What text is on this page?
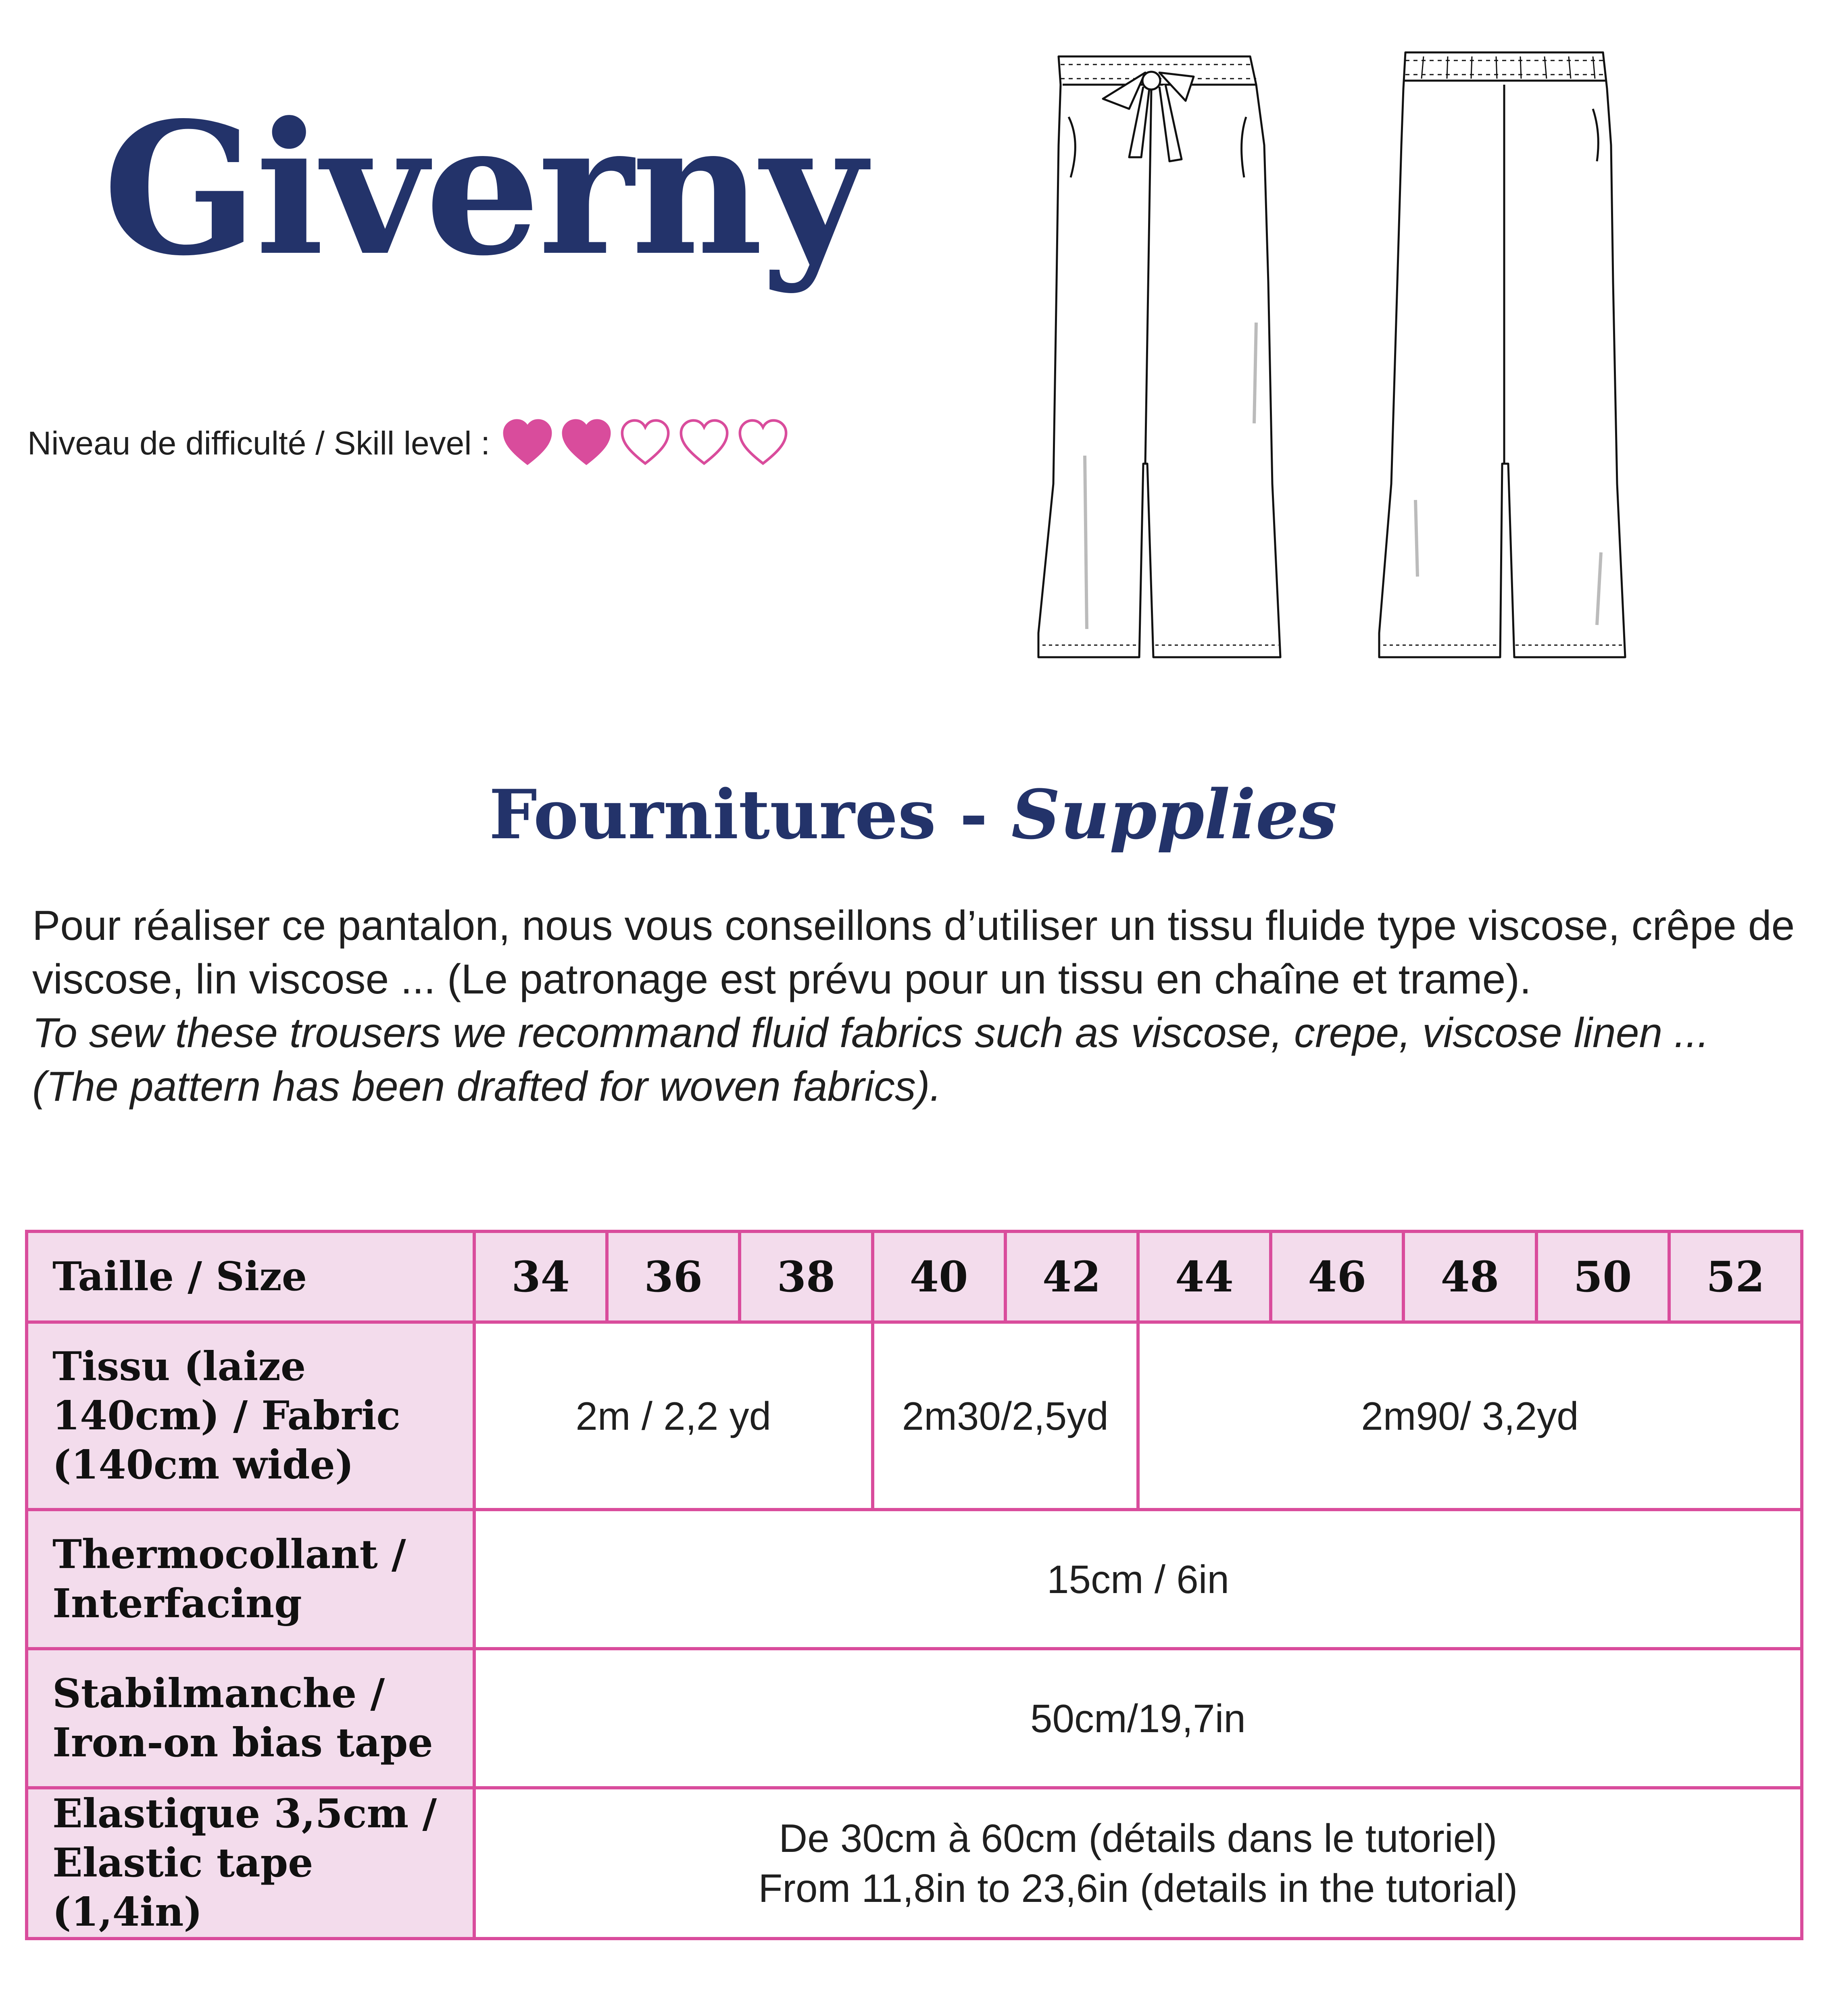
Giverny
Niveau de difficulté / Skill level :
Fournitures - Supplies

Pour réaliser ce pantalon, nous vous conseillons d’utiliser un tissu fluide type viscose, crêpe de viscose, lin viscose ... (Le patronage est prévu pour un tissu en chaîne et trame).

To sew these trousers we recommand fluid fabrics such as viscose, crepe, viscose linen ... (The pattern has been drafted for woven fabrics).

Taille / Size	34	36	38	40	42	44	46	48	50	52
Tissu (laize 140cm) / Fabric (140cm wide)	2m / 2,2 yd			2m30/2,5yd		2m90/ 3,2yd				
Thermocollant / Interfacing	15cm / 6in									
Stabilmanche / Iron-on bias tape	50cm/19,7in									
Elastique 3,5cm / Elastic tape (1,4in)	De 30cm à 60cm (détails dans le tutoriel)
From 11,8in to 23,6in (details in the tutorial)									
